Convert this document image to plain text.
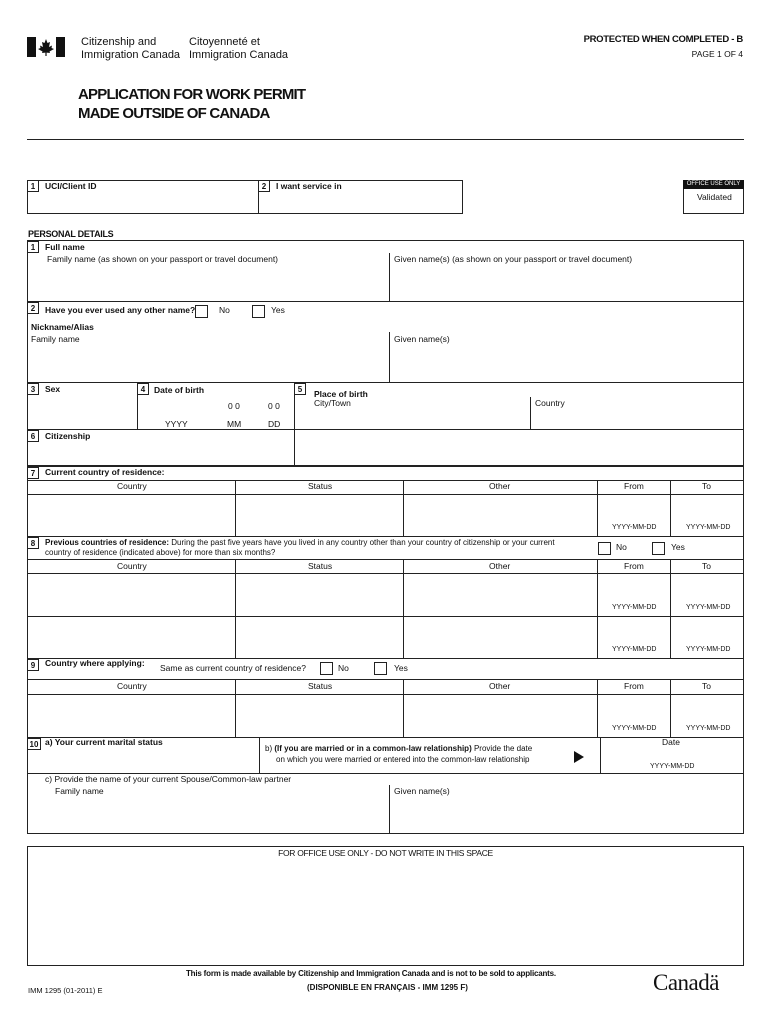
Citizenship and
Immigration Canada
Citoyenneté et
Immigration Canada
PROTECTED WHEN COMPLETED - B
PAGE 1 OF 4
APPLICATION FOR WORK PERMIT
MADE OUTSIDE OF CANADA
1	UCI/Client ID	2	I want service in	OFFICE USE ONLY
Validated
PERSONAL DETAILS
1	Full name
Family name (as shown on your passport or travel document)	Given name(s) (as shown on your passport or travel document)
2	Have you ever used any other name?	No	Yes
Nickname/Alias
Family name	Given name(s)
3	Sex	4	Date of birth
0 0	0 0
YYYY	MM	DD
5	Place of birth
City/Town	Country
6	Citizenship
7	Current country of residence:
Country	Status	Other	From	To
YYYY-MM-DD	YYYY-MM-DD
8	Previous countries of residence: During the past five years have you lived in any country other than your country of citizenship or your current
country of residence (indicated above) for more than six months?
No	Yes
Country	Status	Other	From	To
YYYY-MM-DD	YYYY-MM-DD
YYYY-MM-DD	YYYY-MM-DD
9	Country where applying: Same as current country of residence?	No	Yes
Country	Status	Other	From	To
YYYY-MM-DD	YYYY-MM-DD
10 a) Your current marital status
b) (If you are married or in a common-law relationship) Provide the date
on which you were married or entered into the common-law relationship
Date
YYYY-MM-DD
c) Provide the name of your current Spouse/Common-law partner
Family name	Given name(s)
FOR OFFICE USE ONLY - DO NOT WRITE IN THIS SPACE
This form is made available by Citizenship and Immigration Canada and is not to be sold to applicants.
(DISPONIBLE EN FRANÇAIS - IMM 1295 F)
IMM 1295 (01-2011) E	Canadä
